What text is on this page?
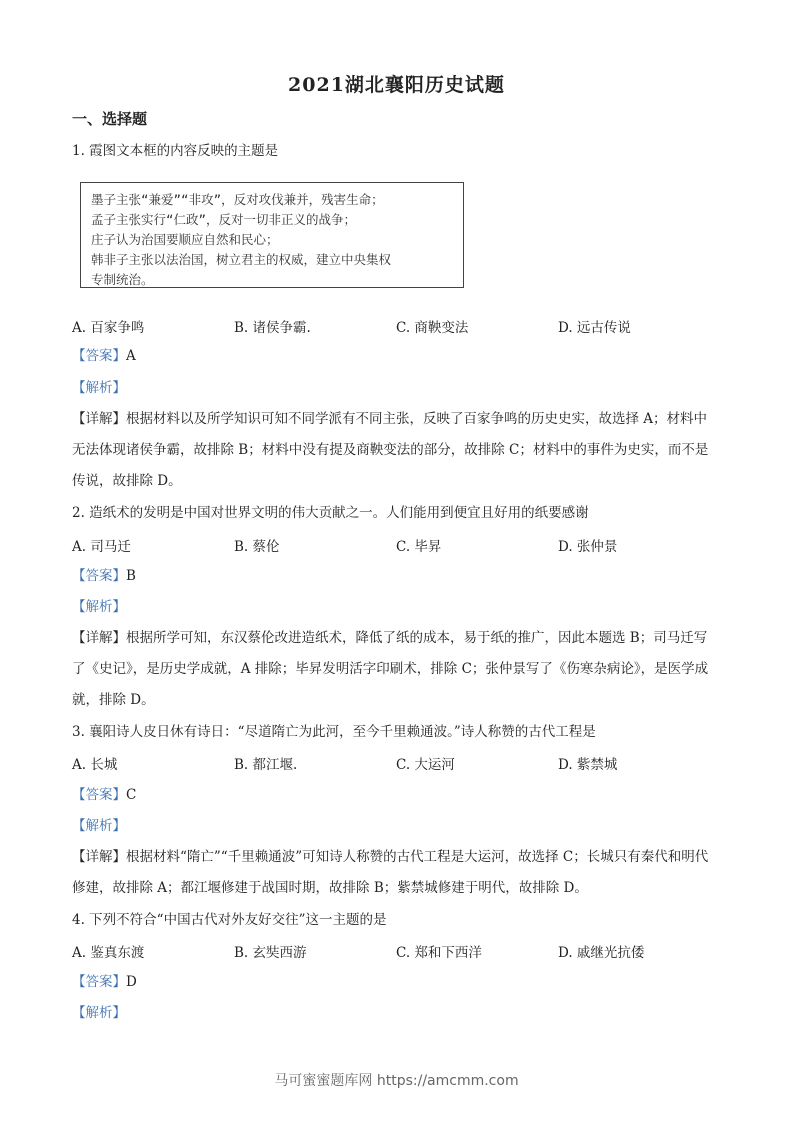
2021湖北襄阳历史试题
一、选择题
1. 霞图文本框的内容反映的主题是
墨子主张“兼爱”“非攻”，反对攻伐兼并，残害生命；
孟子主张实行“仁政”，反对一切非正义的战争；
庄子认为治国要顺应自然和民心；
韩非子主张以法治国，树立君主的权威，建立中央集权
专制统治。
A. 百家争鸣	B. 诸侯争霸.	C. 商鞅变法	D. 远古传说
【答案】A
【解析】
【详解】根据材料以及所学知识可知不同学派有不同主张，反映了百家争鸣的历史史实，故选择 A；材料中
无法体现诸侯争霸，故排除 B；材料中没有提及商鞅变法的部分，故排除 C；材料中的事件为史实，而不是
传说，故排除 D。
2. 造纸术的发明是中国对世界文明的伟大贡献之一。人们能用到便宜且好用的纸要感谢
A. 司马迁	B. 蔡伦	C. 毕昇	D. 张仲景
【答案】B
【解析】
【详解】根据所学可知，东汉蔡伦改进造纸术，降低了纸的成本，易于纸的推广，因此本题选 B；司马迁写
了《史记》，是历史学成就，A 排除；毕昇发明活字印刷术，排除 C；张仲景写了《伤寒杂病论》，是医学成
就，排除 D。
3. 襄阳诗人皮日休有诗日：“尽道隋亡为此河，至今千里赖通波。”诗人称赞的古代工程是
A. 长城	B. 都江堰.	C. 大运河	D. 紫禁城
【答案】C
【解析】
【详解】根据材料“隋亡”“千里赖通波”可知诗人称赞的古代工程是大运河，故选择 C；长城只有秦代和明代
修建，故排除 A；都江堰修建于战国时期，故排除 B；紫禁城修建于明代，故排除 D。
4. 下列不符合“中国古代对外友好交往”这一主题的是
A. 鉴真东渡	B. 玄奘西游	C. 郑和下西洋	D. 戚继光抗倭
【答案】D
【解析】
马可蜜蜜题库网 https://amcmm.com
